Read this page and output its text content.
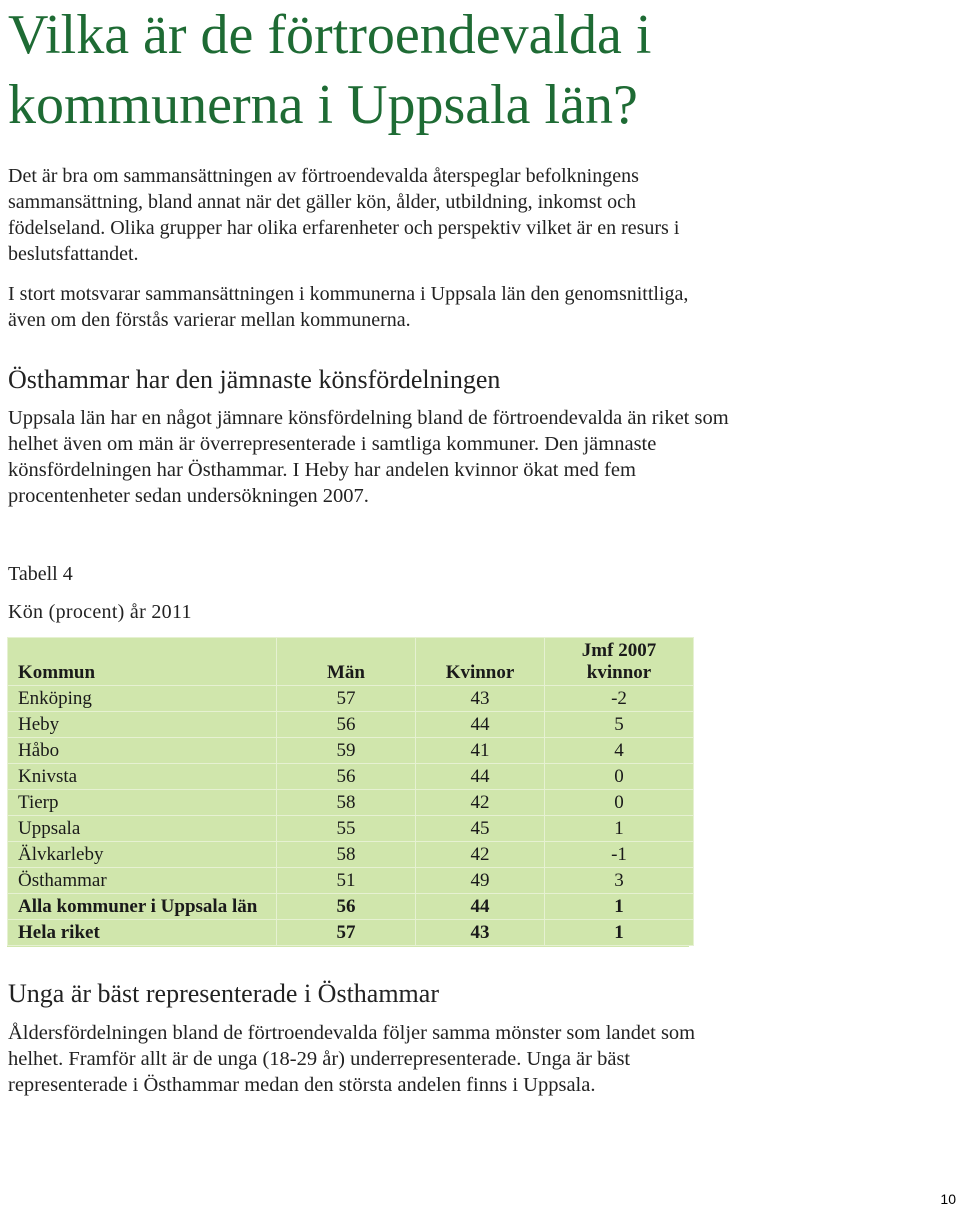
Vilka är de förtroendevalda i kommunerna i Uppsala län?

Det är bra om sammansättningen av förtroendevalda återspeglar befolkningens sammansättning, bland annat när det gäller kön, ålder, utbildning, inkomst och födelseland. Olika grupper har olika erfarenheter och perspektiv vilket är en resurs i beslutsfattandet.

I stort motsvarar sammansättningen i kommunerna i Uppsala län den genomsnittliga, även om den förstås varierar mellan kommunerna.

Östhammar har den jämnaste könsfördelningen

Uppsala län har en något jämnare könsfördelning bland de förtroendevalda än riket som helhet även om män är överrepresenterade i samtliga kommuner. Den jämnaste könsfördelningen har Östhammar. I Heby har andelen kvinnor ökat med fem procentenheter sedan undersökningen 2007.

Tabell 4

Kön (procent) år 2011

Kommun	Män	Kvinnor	Jmf 2007
kvinnor
Enköping	57	43	-2
Heby	56	44	5
Håbo	59	41	4
Knivsta	56	44	0
Tierp	58	42	0
Uppsala	55	45	1
Älvkarleby	58	42	-1
Östhammar	51	49	3
Alla kommuner i Uppsala län	56	44	1
Hela riket	57	43	1
Unga är bäst representerade i Östhammar

Åldersfördelningen bland de förtroendevalda följer samma mönster som landet som helhet. Framför allt är de unga (18-29 år) underrepresenterade. Unga är bäst representerade i Östhammar medan den största andelen finns i Uppsala.

10
